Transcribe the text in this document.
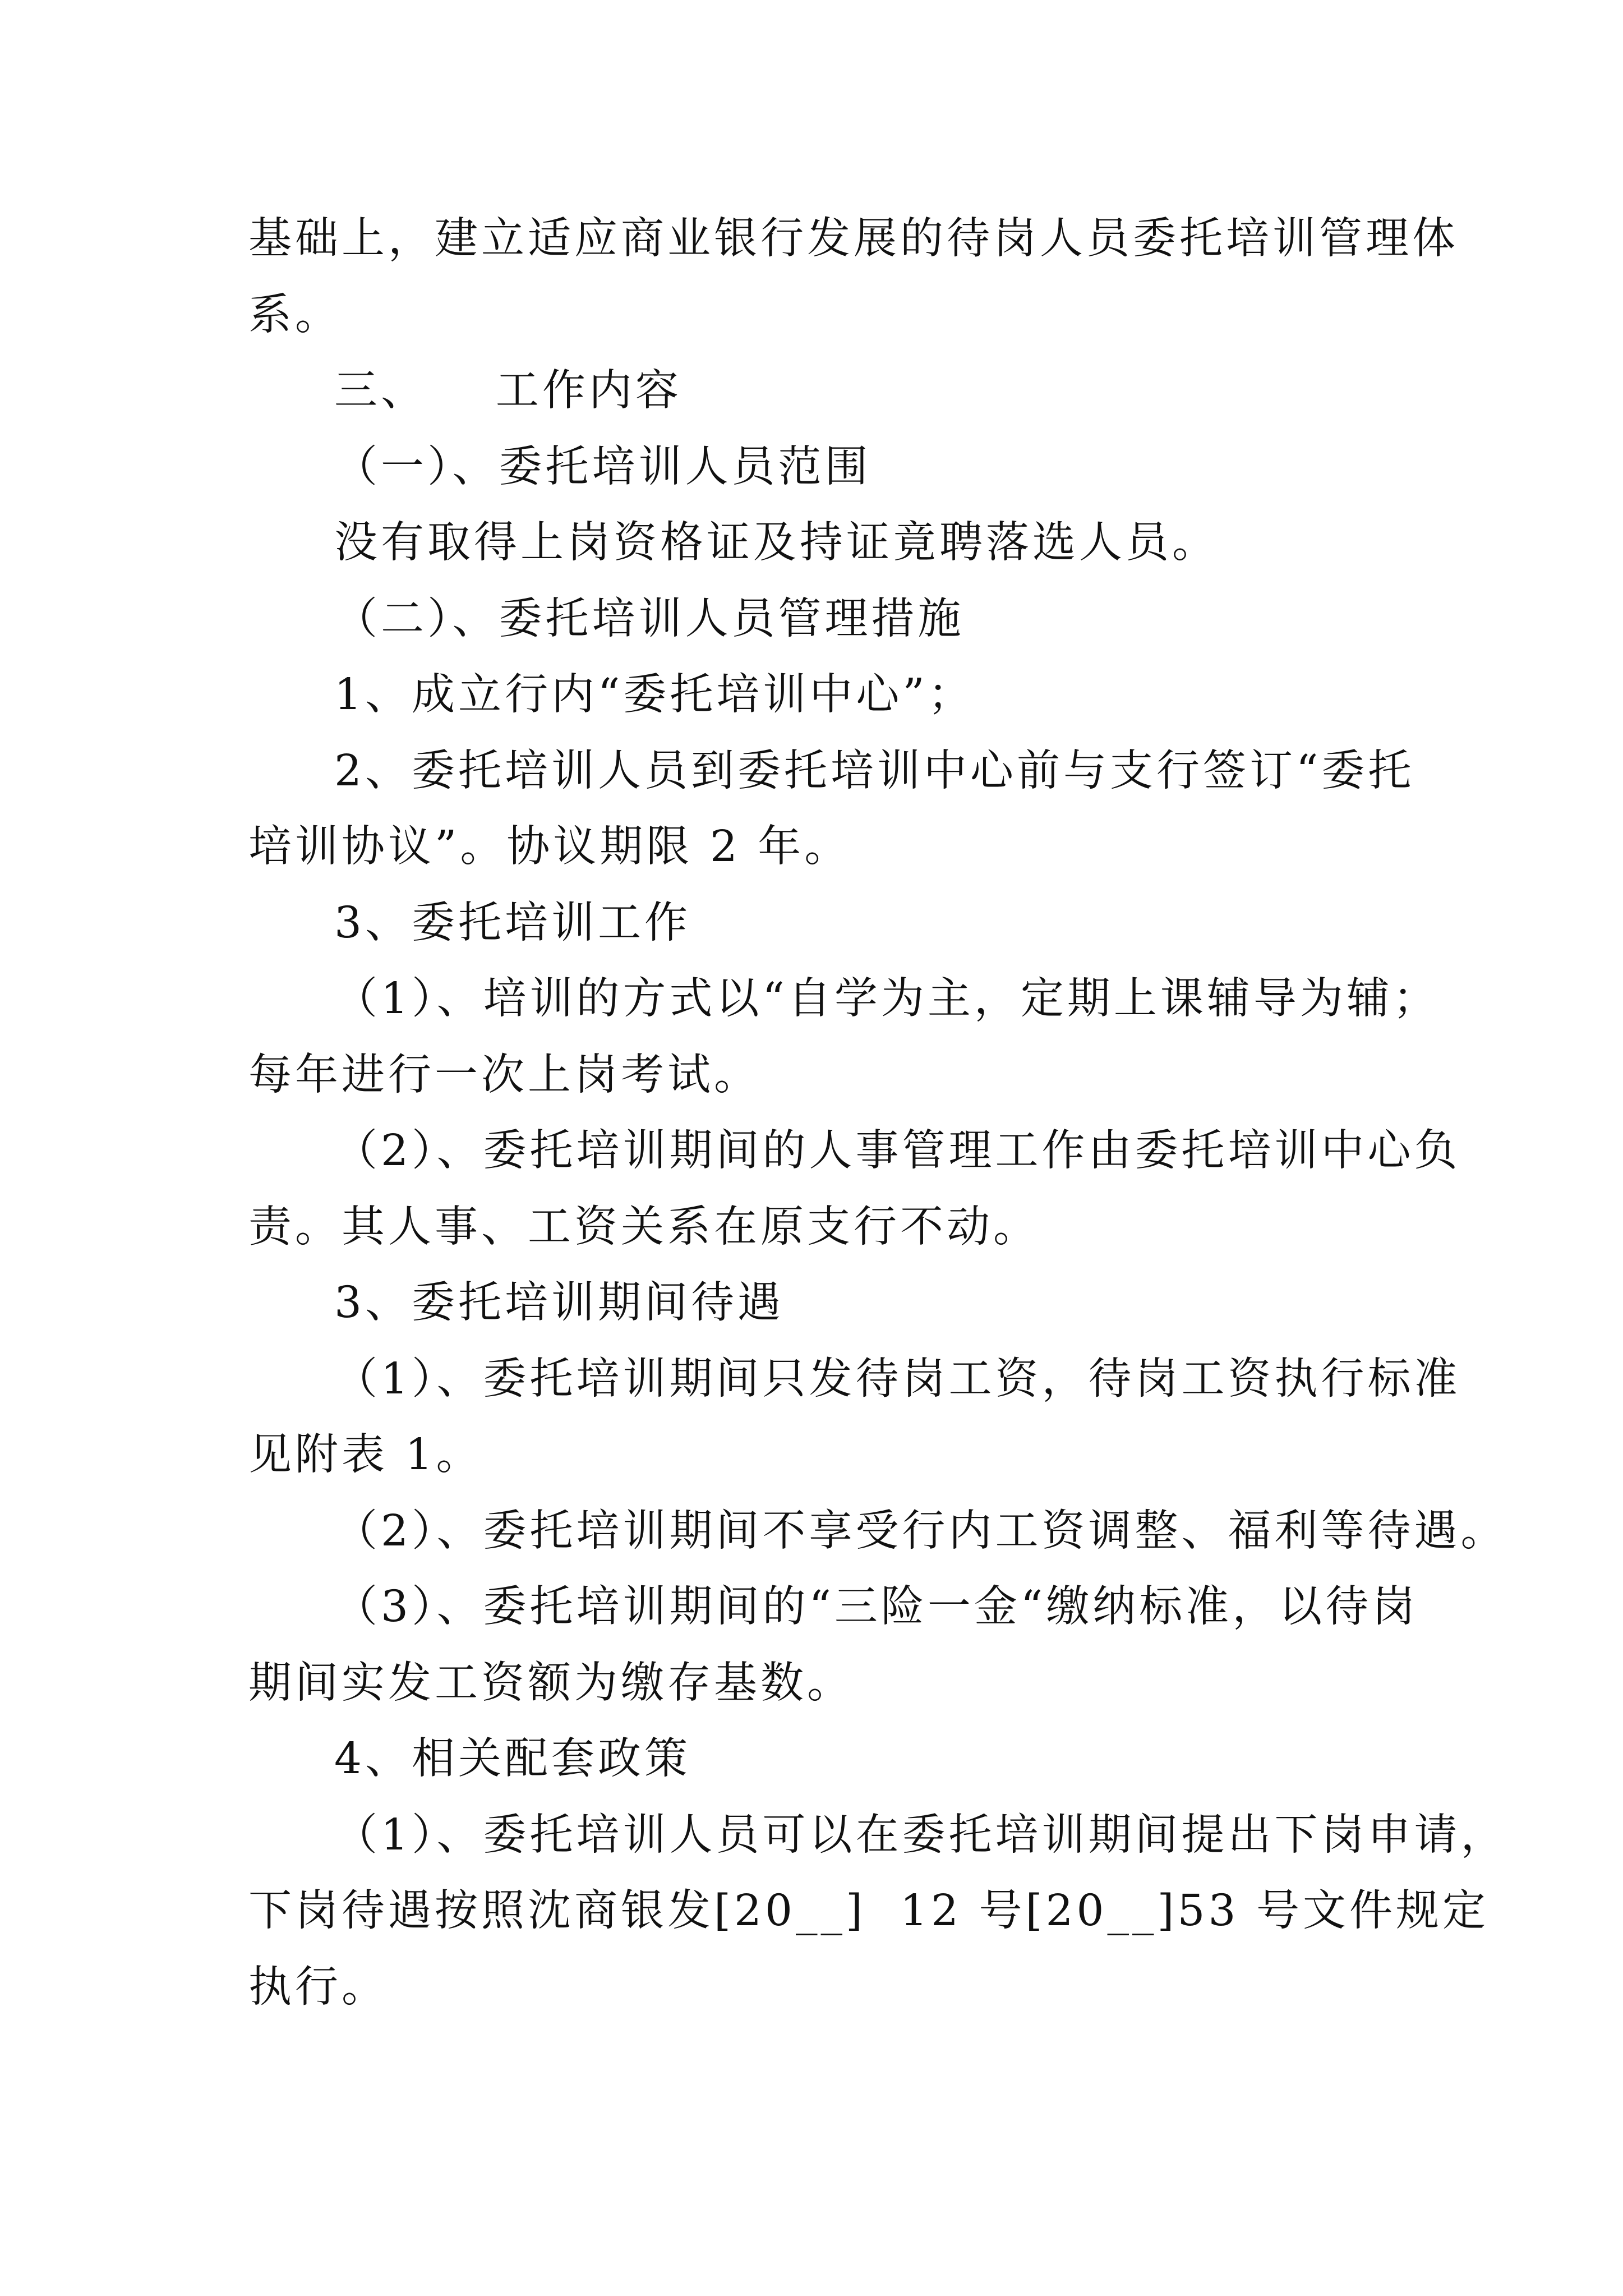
基础上，建立适应商业银行发展的待岗人员委托培训管理体
系。
三、    工作内容
（一）、委托培训人员范围
没有取得上岗资格证及持证竟聘落选人员。
（二）、委托培训人员管理措施
1、成立行内“委托培训中心”；
2、委托培训人员到委托培训中心前与支行签订“委托
培训协议”。协议期限 2 年。
3、委托培训工作
（1）、培训的方式以“自学为主，定期上课辅导为辅；
每年进行一次上岗考试。
（2）、委托培训期间的人事管理工作由委托培训中心负
责。其人事、工资关系在原支行不动。
3、委托培训期间待遇
（1）、委托培训期间只发待岗工资，待岗工资执行标准
见附表 1。
（2）、委托培训期间不享受行内工资调整、福利等待遇。
（3）、委托培训期间的“三险一金“缴纳标准，以待岗
期间实发工资额为缴存基数。
4、相关配套政策
（1）、委托培训人员可以在委托培训期间提出下岗申请，
下岗待遇按照沈商银发[20__]  12 号[20__]53 号文件规定
执行。
